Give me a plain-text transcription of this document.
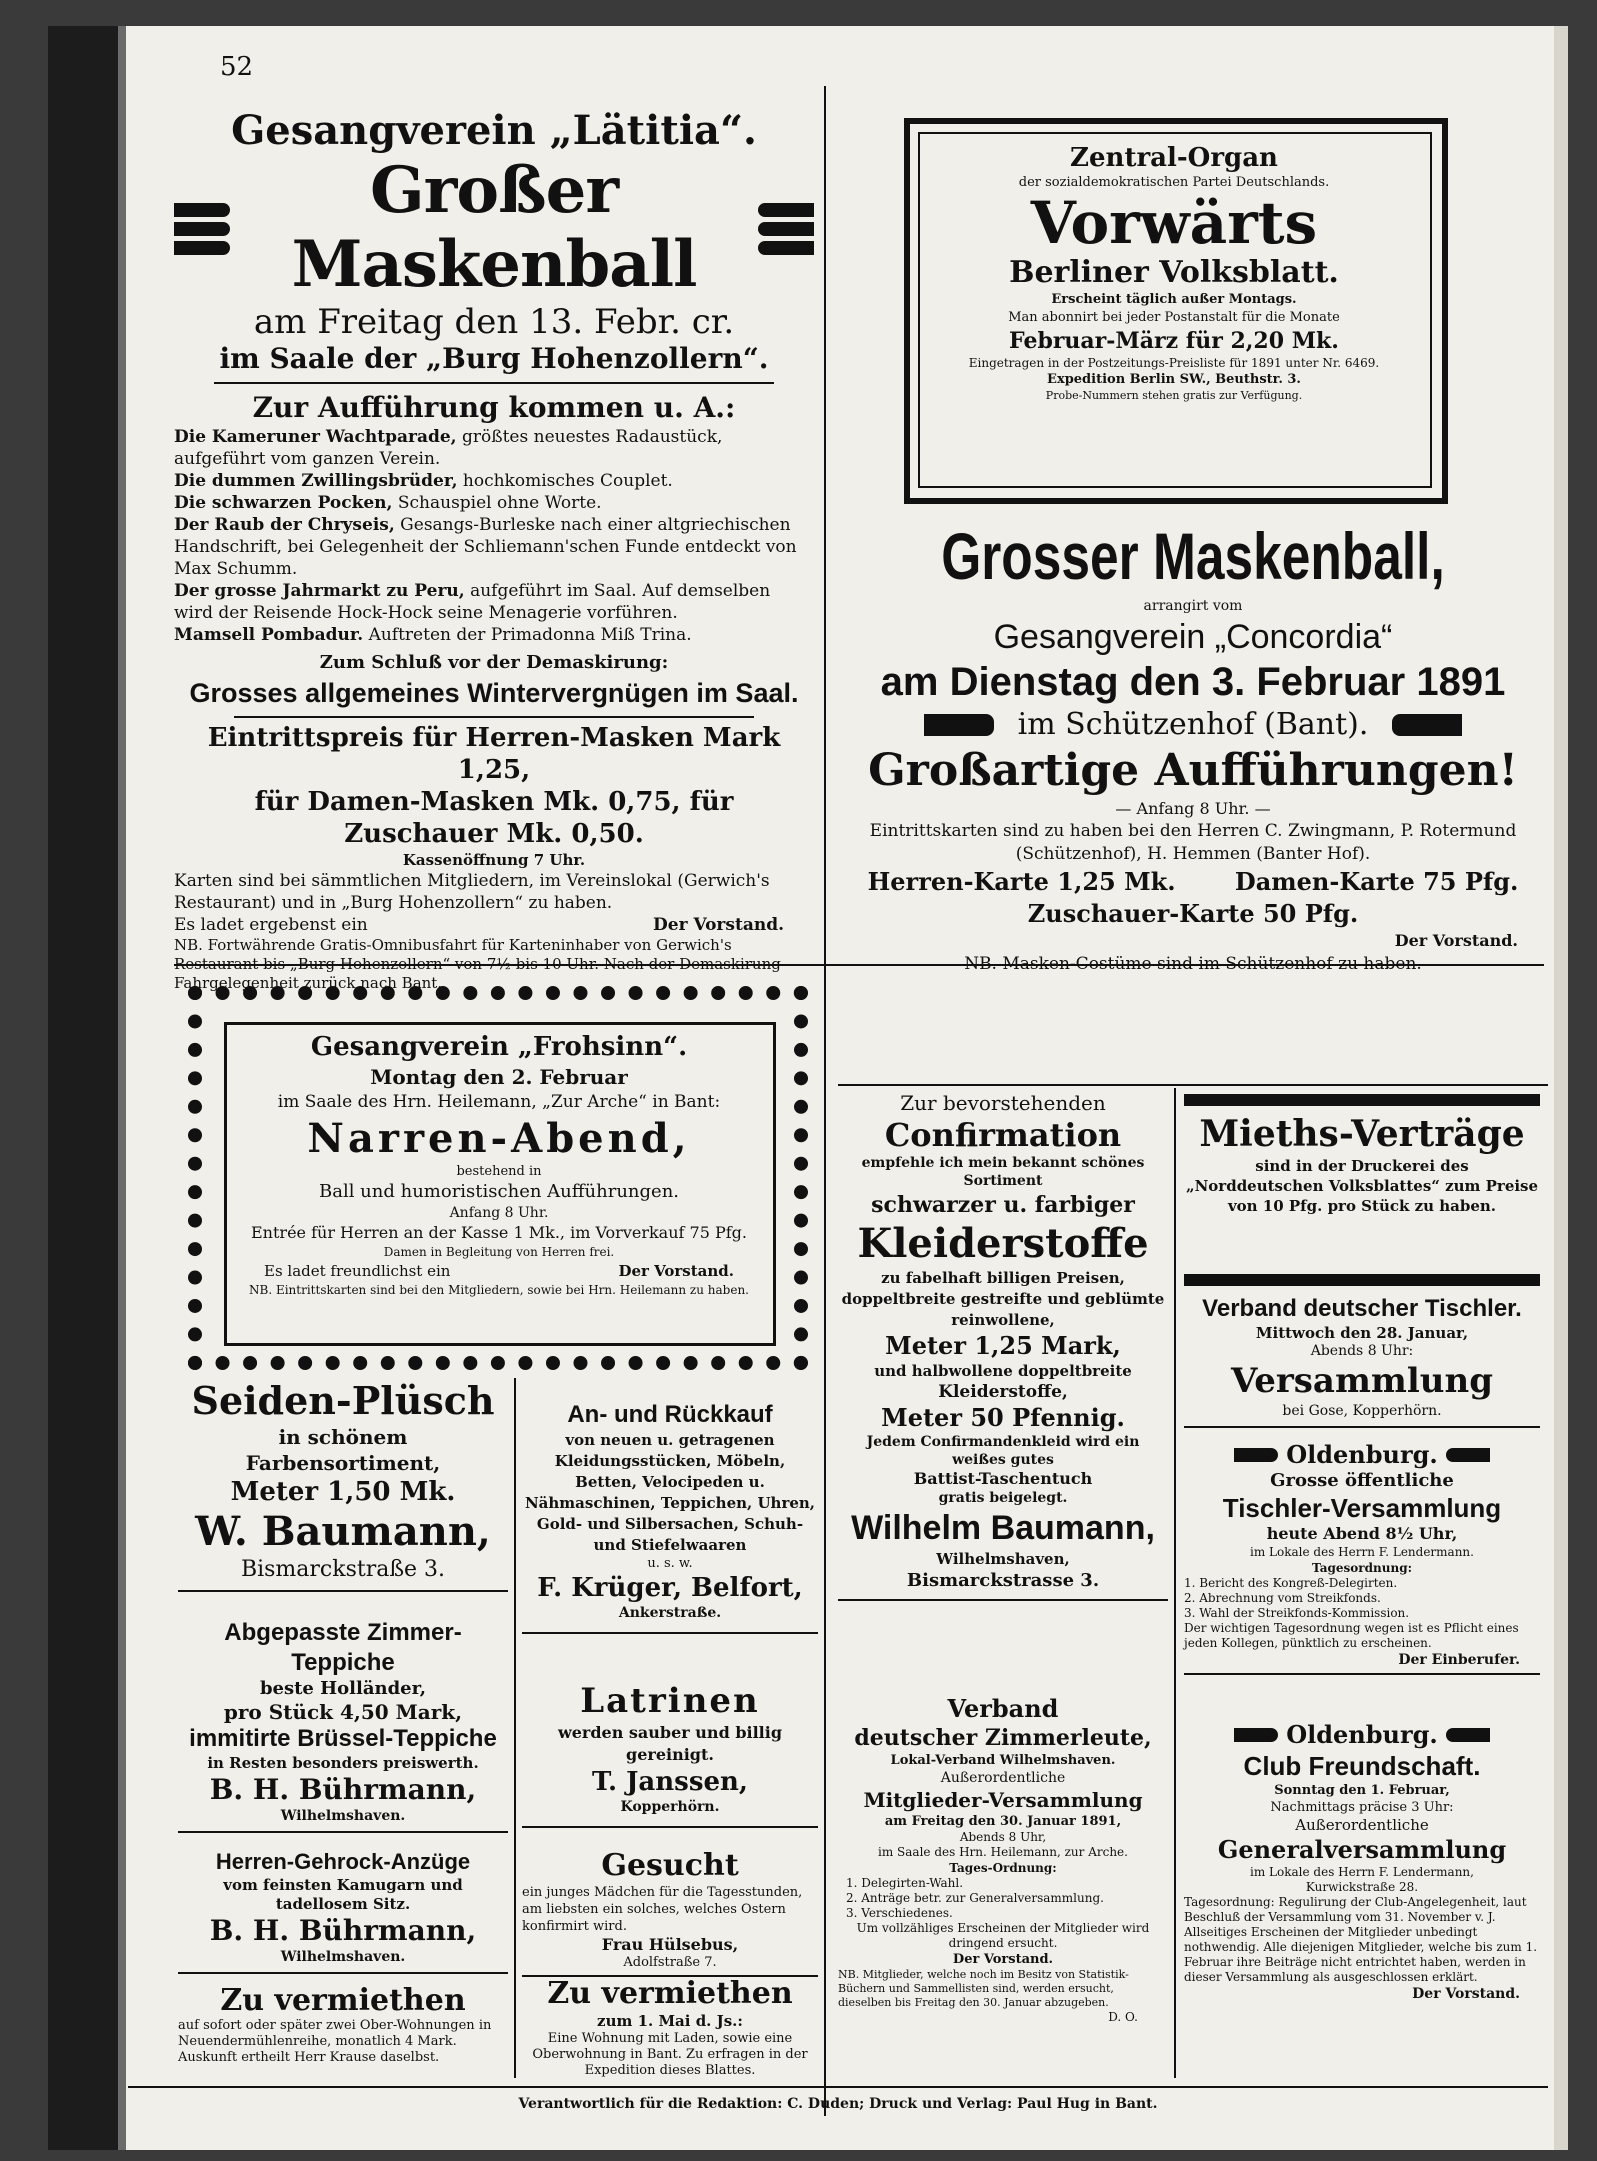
52

Gesangverein „Lätitia“.

Großer Maskenball

am Freitag den 13. Febr. cr.

im Saale der „Burg Hohenzollern“.

Zur Aufführung kommen u. A.:

Die Kameruner Wachtparade, größtes neuestes Radaustück, aufgeführt vom ganzen Verein.

Die dummen Zwillingsbrüder, hochkomisches Couplet.

Die schwarzen Pocken, Schauspiel ohne Worte.

Der Raub der Chryseis, Gesangs-Burleske nach einer altgriechischen Handschrift, bei Gelegenheit der Schliemann'schen Funde entdeckt von Max Schumm.

Der grosse Jahrmarkt zu Peru, aufgeführt im Saal. Auf demselben wird der Reisende Hock-Hock seine Menagerie vorführen.

Mamsell Pombadur. Auftreten der Primadonna Miß Trina.

Zum Schluß vor der Demaskirung:

Grosses allgemeines Wintervergnügen im Saal.

Eintrittspreis für Herren-Masken Mark 1,25,

für Damen-Masken Mk. 0,75, für Zuschauer Mk. 0,50.

Kassenöffnung 7 Uhr.

Karten sind bei sämmtlichen Mitgliedern, im Vereinslokal (Gerwich's Restaurant) und in „Burg Hohenzollern“ zu haben.

Es ladet ergebenst ein	Der Vorstand.

NB. Fortwährende Gratis-Omnibusfahrt für Karteninhaber von Gerwich's Restaurant bis „Burg Hohenzollern“ von 7½ bis 10 Uhr. Nach der Demaskirung Fahrgelegenheit zurück nach Bant.

Gesangverein „Frohsinn“.

Montag den 2. Februar

im Saale des Hrn. Heilemann, „Zur Arche“ in Bant:

Narren-Abend,

bestehend in

Ball und humoristischen Aufführungen.

Anfang 8 Uhr.

Entrée für Herren an der Kasse 1 Mk., im Vorverkauf 75 Pfg.

Damen in Begleitung von Herren frei.

Es ladet freundlichst ein	Der Vorstand.

NB. Eintrittskarten sind bei den Mitgliedern, sowie bei Hrn. Heilemann zu haben.

Seiden-Plüsch

in schönem Farbensortiment,

Meter 1,50 Mk.

W. Baumann,

Bismarckstraße 3.

Abgepasste Zimmer-Teppiche

beste Holländer,

pro Stück 4,50 Mark,

immitirte Brüssel-Teppiche

in Resten besonders preiswerth.

B. H. Bührmann,

Wilhelmshaven.

Herren-Gehrock-Anzüge

vom feinsten Kamugarn und tadellosem Sitz.

B. H. Bührmann,

Wilhelmshaven.

Zu vermiethen

auf sofort oder später zwei Ober-Wohnungen in Neuendermühlenreihe, monatlich 4 Mark. Auskunft ertheilt Herr Krause daselbst.

An- und Rückkauf

von neuen u. getragenen Kleidungsstücken, Möbeln, Betten, Velocipeden u. Nähmaschinen, Teppichen, Uhren, Gold- und Silbersachen, Schuh- und Stiefelwaaren

u. s. w.

F. Krüger, Belfort,

Ankerstraße.

Latrinen

werden sauber und billig gereinigt.

T. Janssen,

Kopperhörn.

Gesucht

ein junges Mädchen für die Tagesstunden, am liebsten ein solches, welches Ostern konfirmirt wird.

Frau Hülsebus,

Adolfstraße 7.

Zu vermiethen

zum 1. Mai d. Js.:

Eine Wohnung mit Laden, sowie eine Oberwohnung in Bant. Zu erfragen in der Expedition dieses Blattes.

Zentral-Organ

der sozialdemokratischen Partei Deutschlands.

Vorwärts

Berliner Volksblatt.

Erscheint täglich außer Montags.

Man abonnirt bei jeder Postanstalt für die Monate

Februar-März für 2,20 Mk.

Eingetragen in der Postzeitungs-Preisliste für 1891 unter Nr. 6469.

Expedition Berlin SW., Beuthstr. 3.

Probe-Nummern stehen gratis zur Verfügung.

Grosser Maskenball,

arrangirt vom

Gesangverein „Concordia“

am Dienstag den 3. Februar 1891

im Schützenhof (Bant).

Großartige Aufführungen!

— Anfang 8 Uhr. —

Eintrittskarten sind zu haben bei den Herren C. Zwingmann, P. Rotermund (Schützenhof), H. Hemmen (Banter Hof).

Herren-Karte 1,25 Mk. Damen-Karte 75 Pfg.

Zuschauer-Karte 50 Pfg.

Der Vorstand.

NB. Masken-Costüme sind im Schützenhof zu haben.

Zur bevorstehenden

Confirmation

empfehle ich mein bekannt schönes Sortiment

schwarzer u. farbiger

Kleiderstoffe

zu fabelhaft billigen Preisen, doppeltbreite gestreifte und geblümte reinwollene,

Meter 1,25 Mark,

und halbwollene doppeltbreite

Kleiderstoffe,

Meter 50 Pfennig.

Jedem Confirmandenkleid wird ein weißes gutes

Battist-Taschentuch

gratis beigelegt.

Wilhelm Baumann,

Wilhelmshaven,

Bismarckstrasse 3.

Verband

deutscher Zimmerleute,

Lokal-Verband Wilhelmshaven.

Außerordentliche

Mitglieder-Versammlung

am Freitag den 30. Januar 1891,

Abends 8 Uhr,

im Saale des Hrn. Heilemann, zur Arche.

Tages-Ordnung:

1. Delegirten-Wahl.

2. Anträge betr. zur Generalversammlung.

3. Verschiedenes.

Um vollzähliges Erscheinen der Mitglieder wird dringend ersucht.

Der Vorstand.

NB. Mitglieder, welche noch im Besitz von Statistik-Büchern und Sammellisten sind, werden ersucht, dieselben bis Freitag den 30. Januar abzugeben.

D. O.

Mieths-Verträge

sind in der Druckerei des „Norddeutschen Volksblattes“ zum Preise von 10 Pfg. pro Stück zu haben.

Verband deutscher Tischler.

Mittwoch den 28. Januar,

Abends 8 Uhr:

Versammlung

bei Gose, Kopperhörn.

Oldenburg.

Grosse öffentliche

Tischler-Versammlung

heute Abend 8½ Uhr,

im Lokale des Herrn F. Lendermann.

Tagesordnung:

1. Bericht des Kongreß-Delegirten.

2. Abrechnung vom Streikfonds.

3. Wahl der Streikfonds-Kommission.

Der wichtigen Tagesordnung wegen ist es Pflicht eines jeden Kollegen, pünktlich zu erscheinen.

Der Einberufer.

Oldenburg.

Club Freundschaft.

Sonntag den 1. Februar,

Nachmittags präcise 3 Uhr:

Außerordentliche

Generalversammlung

im Lokale des Herrn F. Lendermann,

Kurwickstraße 28.

Tagesordnung: Regulirung der Club-Angelegenheit, laut Beschluß der Versammlung vom 31. November v. J. Allseitiges Erscheinen der Mitglieder unbedingt nothwendig. Alle diejenigen Mitglieder, welche bis zum 1. Februar ihre Beiträge nicht entrichtet haben, werden in dieser Versammlung als ausgeschlossen erklärt.

Der Vorstand.

Verantwortlich für die Redaktion: C. Duden; Druck und Verlag: Paul Hug in Bant.
